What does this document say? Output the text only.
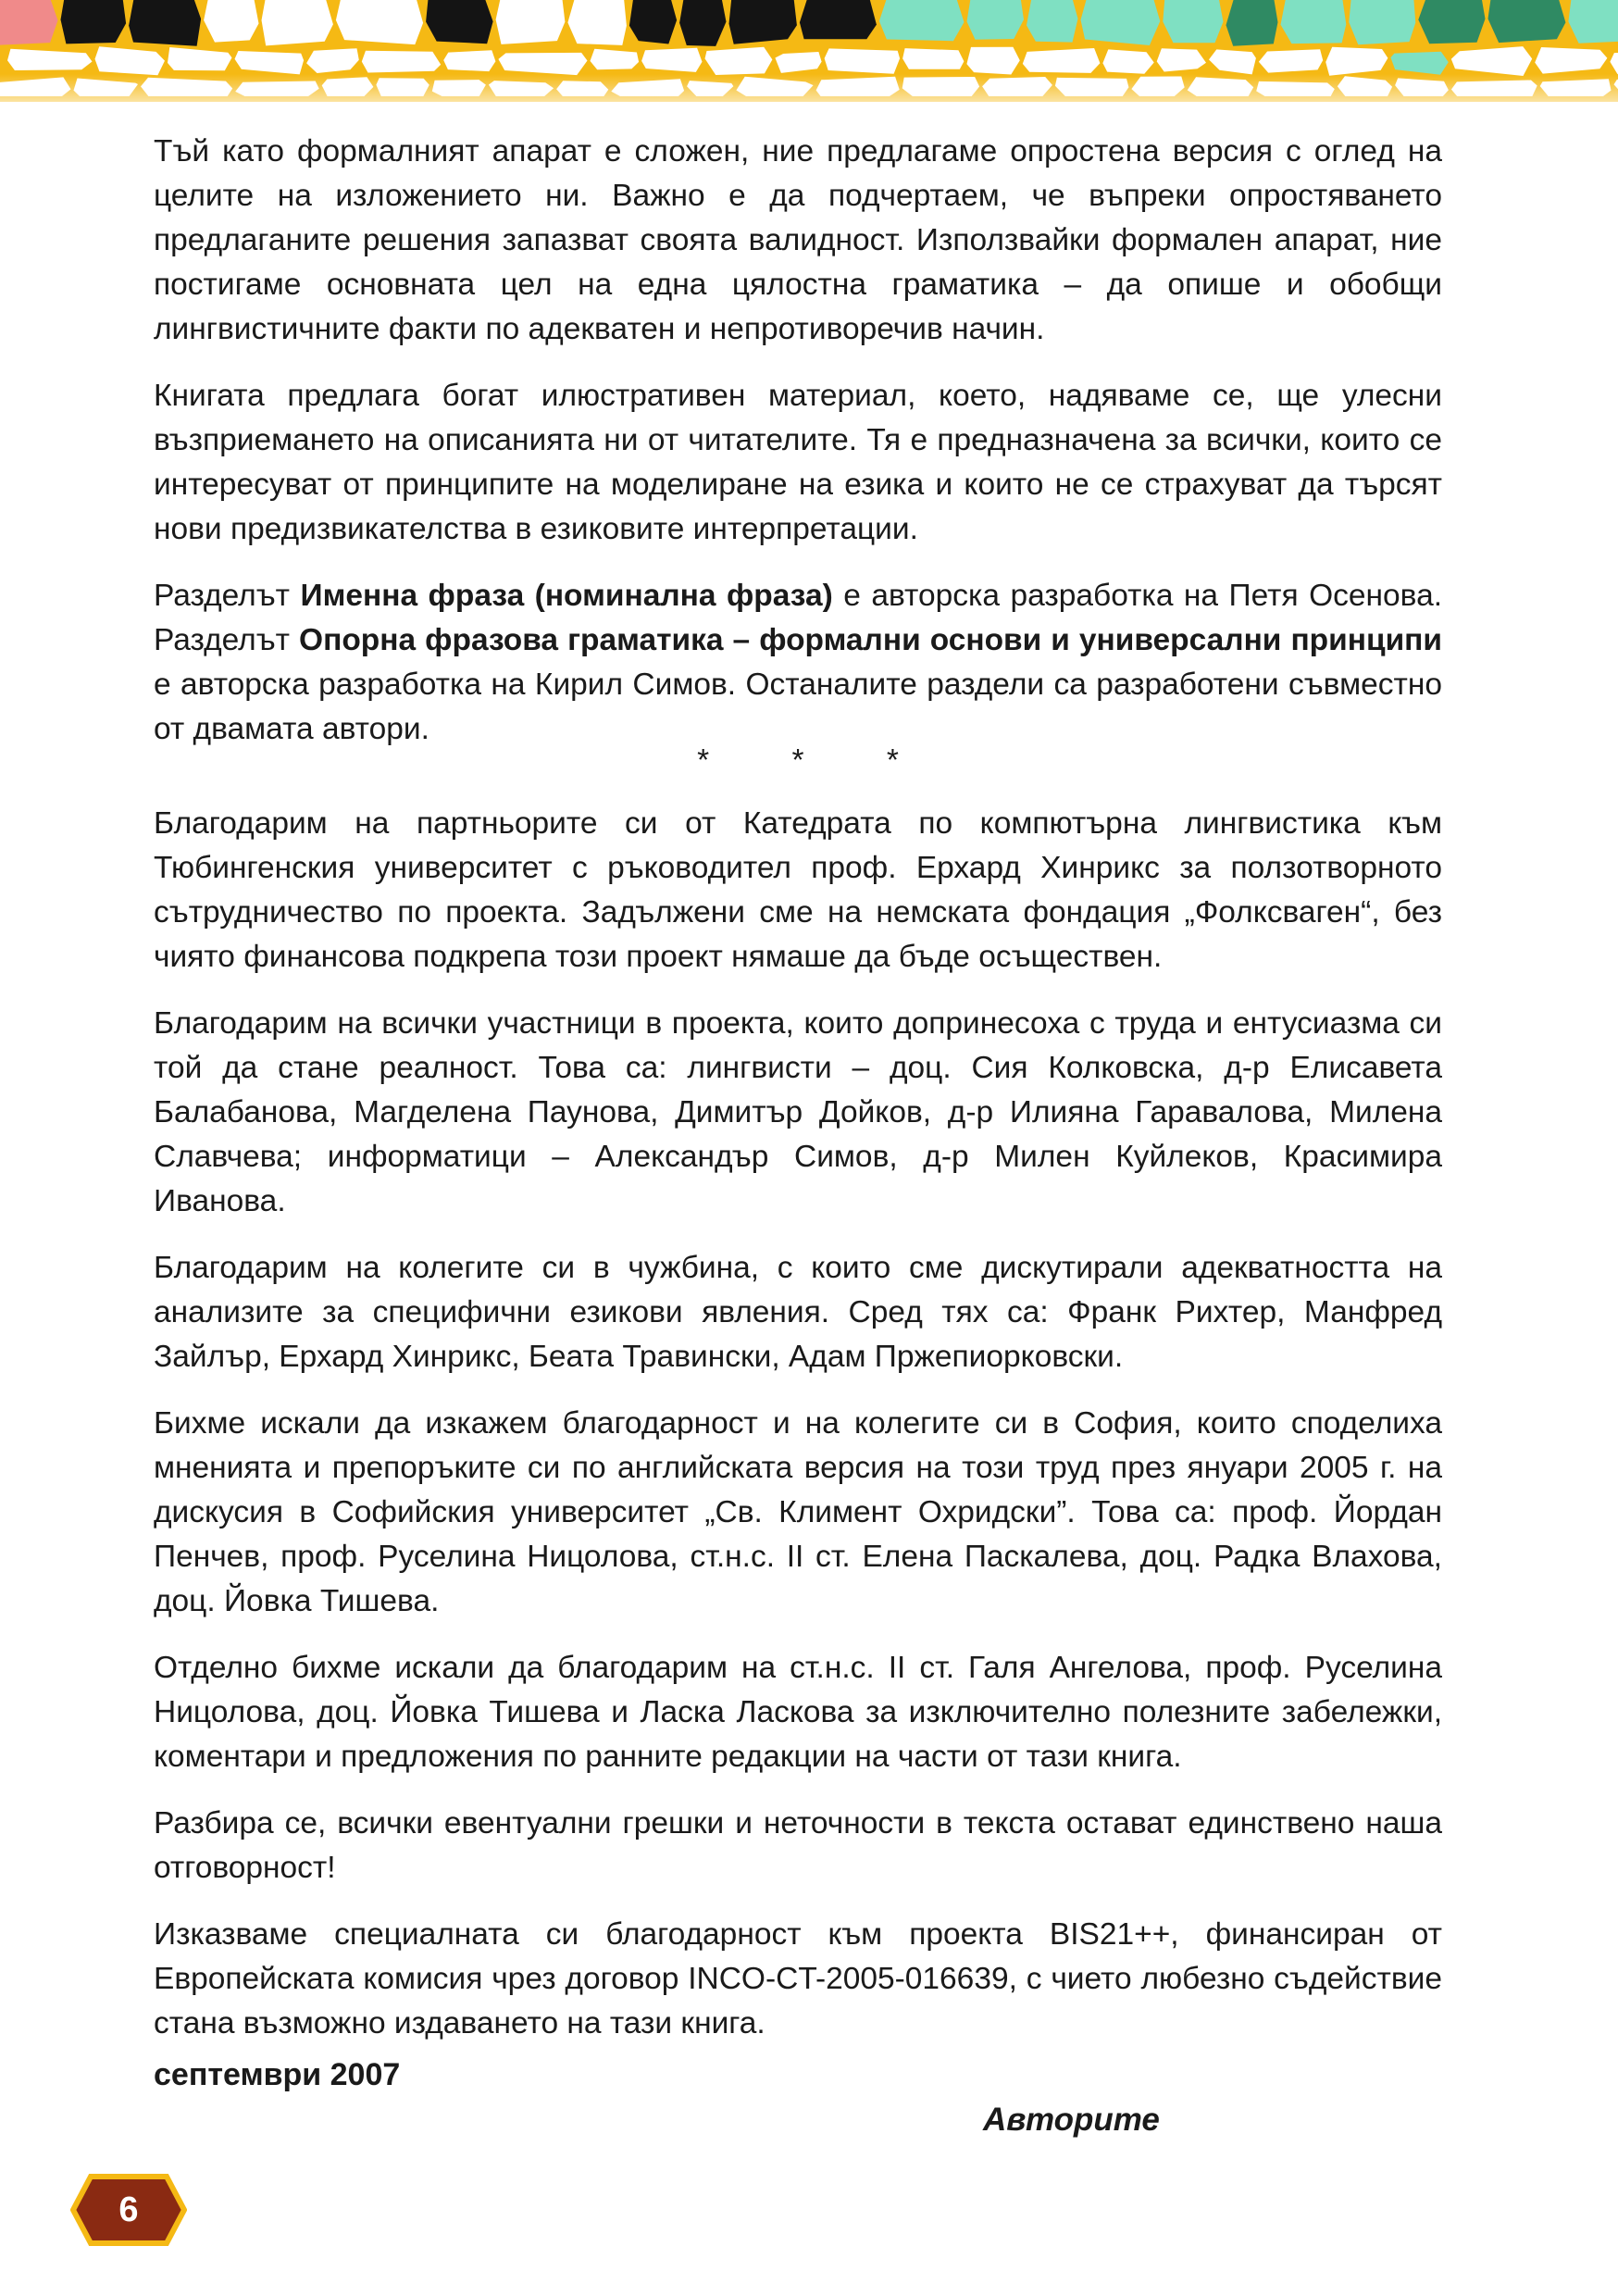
Тъй като формалният апарат е сложен, ние предлагаме опростена версия с оглед на целите на изложението ни. Важно е да подчертаем, че въпреки опростяването предлаганите решения запазват своята валидност. Използвайки формален апарат, ние постигаме основната цел на една цялостна граматика – да опише и обобщи лингвистичните факти по адекватен и непротиворечив начин.

Книгата предлага богат илюстративен материал, което, надяваме се, ще улесни възприемането на описанията ни от читателите. Тя е предназначена за всички, които се интересуват от принципите на моделиране на езика и които не се страхуват да търсят нови предизвикателства в езиковите интерпретации.

Разделът Именна фраза (номинална фраза) е авторска разработка на Петя Осенова. Разделът Опорна фразова граматика – формални основи и универсални принципи е авторска разработка на Кирил Симов. Останалите раздели са разработени съвместно от двамата автори.

* * *

Благодарим на партньорите си от Катедрата по компютърна лингвистика към Тюбингенския университет с ръководител проф. Ерхард Хинрикс за ползотворното сътрудничество по проекта. Задължени сме на немската фондация „Фолксваген“, без чиято финансова подкрепа този проект нямаше да бъде осъществен.

Благодарим на всички участници в проекта, които допринесоха с труда и ентусиазма си той да стане реалност. Това са: лингвисти – доц. Сия Колковска, д-р Елисавета Балабанова, Магделена Паунова, Димитър Дойков, д-р Илияна Гаравалова, Милена Славчева; информатици – Александър Симов, д-р Милен Куйлеков, Красимира Иванова.

Благодарим на колегите си в чужбина, с които сме дискутирали адекватността на анализите за специфични езикови явления. Сред тях са: Франк Рихтер, Манфред Зайлър, Ерхард Хинрикс, Беата Травински, Адам Пржепиорковски.

Бихме искали да изкажем благодарност и на колегите си в София, които споделиха мненията и препоръките си по английската версия на този труд през януари 2005 г. на дискусия в Софийския университет „Св. Климент Охридски”. Това са: проф. Йордан Пенчев, проф. Руселина Ницолова, ст.н.с. II ст. Елена Паскалева, доц. Радка Влахова, доц. Йовка Тишева.

Отделно бихме искали да благодарим на ст.н.с. II ст. Галя Ангелова, проф. Руселина Ницолова, доц. Йовка Тишева и Ласка Ласкова за изключително полезните забележки, коментари и предложения по ранните редакции на части от тази книга.

Разбира се, всички евентуални грешки и неточности в текста остават единствено наша отговорност!

Изказваме специалната си благодарност към проекта BIS21++, финансиран от Европейската комисия чрез договор INCO-CT-2005-016639, с чието любезно съдействие стана възможно издаването на тази книга.

септември 2007
Авторите
6
